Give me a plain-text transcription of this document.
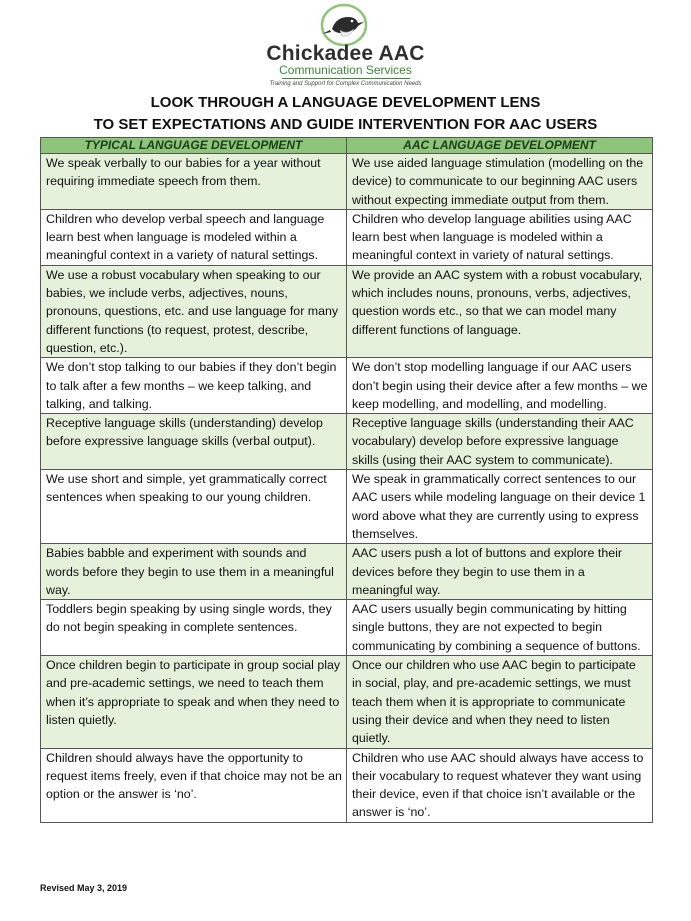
Chickadee AAC
Communication Services
Training and Support for Complex Communication Needs
LOOK THROUGH A LANGUAGE DEVELOPMENT LENS
TO SET EXPECTATIONS AND GUIDE INTERVENTION FOR AAC USERS
TYPICAL LANGUAGE DEVELOPMENT	AAC LANGUAGE DEVELOPMENT
We speak verbally to our babies for a year without requiring immediate speech from them.	We use aided language stimulation (modelling on the device) to communicate to our beginning AAC users without expecting immediate output from them.
Children who develop verbal speech and language learn best when language is modeled within a meaningful context in a variety of natural settings.	Children who develop language abilities using AAC learn best when language is modeled within a meaningful context in variety of natural settings.
We use a robust vocabulary when speaking to our babies, we include verbs, adjectives, nouns, pronouns, questions, etc. and use language for many different functions (to request, protest, describe, question, etc.).	We provide an AAC system with a robust vocabulary, which includes nouns, pronouns, verbs, adjectives, question words etc., so that we can model many different functions of language.
We don’t stop talking to our babies if they don’t begin to talk after a few months – we keep talking, and talking, and talking.	We don’t stop modelling language if our AAC users don’t begin using their device after a few months – we keep modelling, and modelling, and modelling.
Receptive language skills (understanding) develop before expressive language skills (verbal output).	Receptive language skills (understanding their AAC vocabulary) develop before expressive language skills (using their AAC system to communicate).
We use short and simple, yet grammatically correct sentences when speaking to our young children.	We speak in grammatically correct sentences to our AAC users while modeling language on their device 1 word above what they are currently using to express themselves.
Babies babble and experiment with sounds and words before they begin to use them in a meaningful way.	AAC users push a lot of buttons and explore their devices before they begin to use them in a meaningful way.
Toddlers begin speaking by using single words, they do not begin speaking in complete sentences.	AAC users usually begin communicating by hitting single buttons, they are not expected to begin communicating by combining a sequence of buttons.
Once children begin to participate in group social play and pre-academic settings, we need to teach them when it’s appropriate to speak and when they need to listen quietly.	Once our children who use AAC begin to participate in social, play, and pre-academic settings, we must teach them when it is appropriate to communicate using their device and when they need to listen quietly.
Children should always have the opportunity to request items freely, even if that choice may not be an option or the answer is ‘no’.	Children who use AAC should always have access to their vocabulary to request whatever they want using their device, even if that choice isn’t available or the answer is ‘no’.
Revised May 3, 2019
